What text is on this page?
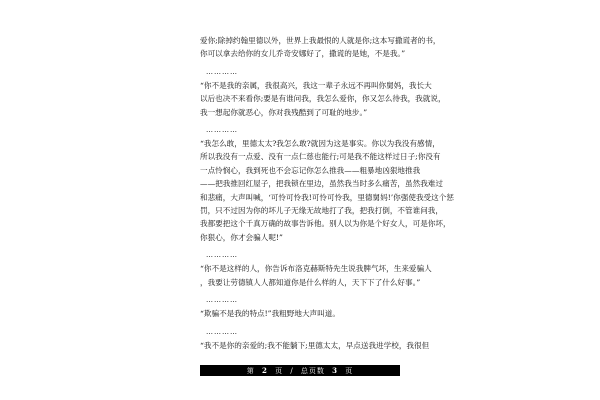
爱你;除掉约翰里德以外，世界上我最恨的人就是你;这本写撒谎者的书，
你可以拿去给你的女儿乔奇安娜好了，撒谎的是她，不是我。”
…………
“你不是我的亲属，我很高兴，我这一辈子永远不再叫你舅妈，我长大
以后也决不来看你;要是有谁问我，我怎么爱你，你又怎么待我，我就说，
我一想起你就恶心，你对我残酷到了可耻的地步。”
…………
“我怎么敢，里德太太?我怎么敢?就因为这是事实。你以为我没有感情，
所以我没有一点爱、没有一点仁慈也能行;可是我不能这样过日子;你没有
一点怜悯心，我到死也不会忘记你怎么推我——粗暴地凶狠地推我
——把我推回红屋子，把我锁在里边，虽然我当时多么痛苦，虽然我难过
和悲痛，大声叫喊，‘可怜可怜我!可怜可怜我，里德舅妈!’你强使我受这个惩
罚，只不过因为你的坏儿子无缘无故地打了我，把我打倒，不管谁问我，
我都要把这个千真万确的故事告诉他。别人以为你是个好女人，可是你坏，
你狠心，你才会骗人呢!”
…………
“你不是这样的人，你告诉布洛克赫斯特先生说我脾气坏，生来爱骗人
，我要让劳德镇人人都知道你是什么样的人，天下下了什么好事。”
…………
“欺骗不是我的特点!”我粗野地大声叫道。
…………
“我不是你的亲爱的;我不能躺下;里德太太，早点送我进学校，我很但
第 2 页 / 总页数 3 页
